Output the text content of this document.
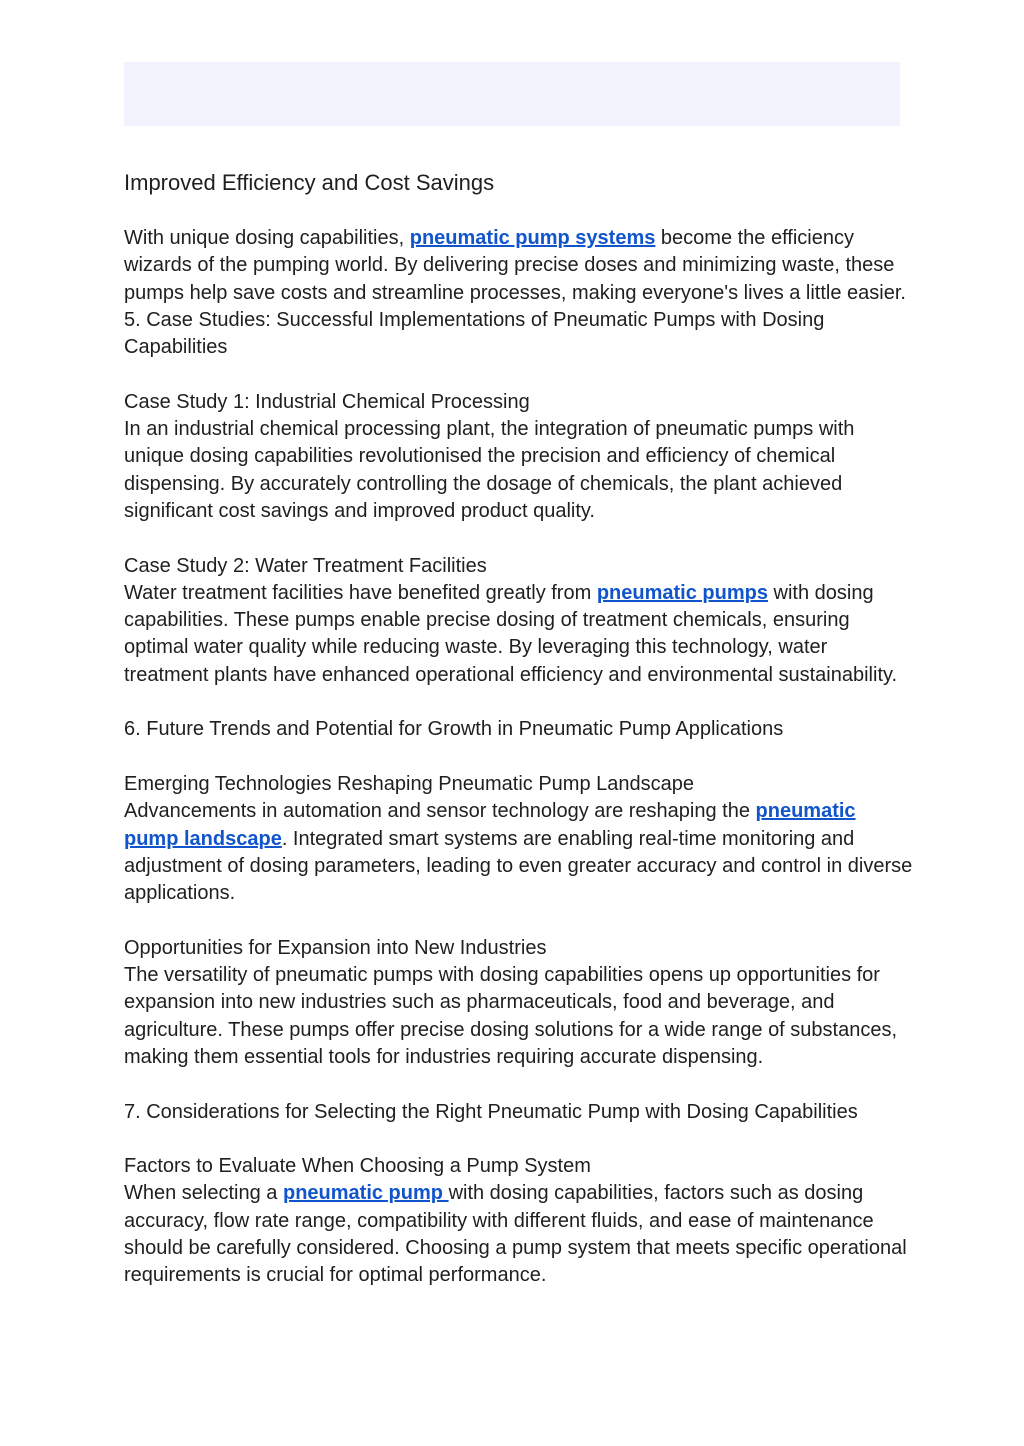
Improved Efficiency and Cost Savings

With unique dosing capabilities, pneumatic pump systems become the efficiency wizards of the pumping world. By delivering precise doses and minimizing waste, these pumps help save costs and streamline processes, making everyone's lives a little easier. 5. Case Studies: Successful Implementations of Pneumatic Pumps with Dosing Capabilities

Case Study 1: Industrial Chemical Processing
In an industrial chemical processing plant, the integration of pneumatic pumps with unique dosing capabilities revolutionised the precision and efficiency of chemical dispensing. By accurately controlling the dosage of chemicals, the plant achieved significant cost savings and improved product quality.

Case Study 2: Water Treatment Facilities
Water treatment facilities have benefited greatly from pneumatic pumps with dosing capabilities. These pumps enable precise dosing of treatment chemicals, ensuring optimal water quality while reducing waste. By leveraging this technology, water treatment plants have enhanced operational efficiency and environmental sustainability.

6. Future Trends and Potential for Growth in Pneumatic Pump Applications

Emerging Technologies Reshaping Pneumatic Pump Landscape
Advancements in automation and sensor technology are reshaping the pneumatic pump landscape. Integrated smart systems are enabling real-time monitoring and adjustment of dosing parameters, leading to even greater accuracy and control in diverse applications.

Opportunities for Expansion into New Industries
The versatility of pneumatic pumps with dosing capabilities opens up opportunities for expansion into new industries such as pharmaceuticals, food and beverage, and agriculture. These pumps offer precise dosing solutions for a wide range of substances, making them essential tools for industries requiring accurate dispensing.

7. Considerations for Selecting the Right Pneumatic Pump with Dosing Capabilities

Factors to Evaluate When Choosing a Pump System
When selecting a pneumatic pump with dosing capabilities, factors such as dosing accuracy, flow rate range, compatibility with different fluids, and ease of maintenance should be carefully considered. Choosing a pump system that meets specific operational requirements is crucial for optimal performance.
